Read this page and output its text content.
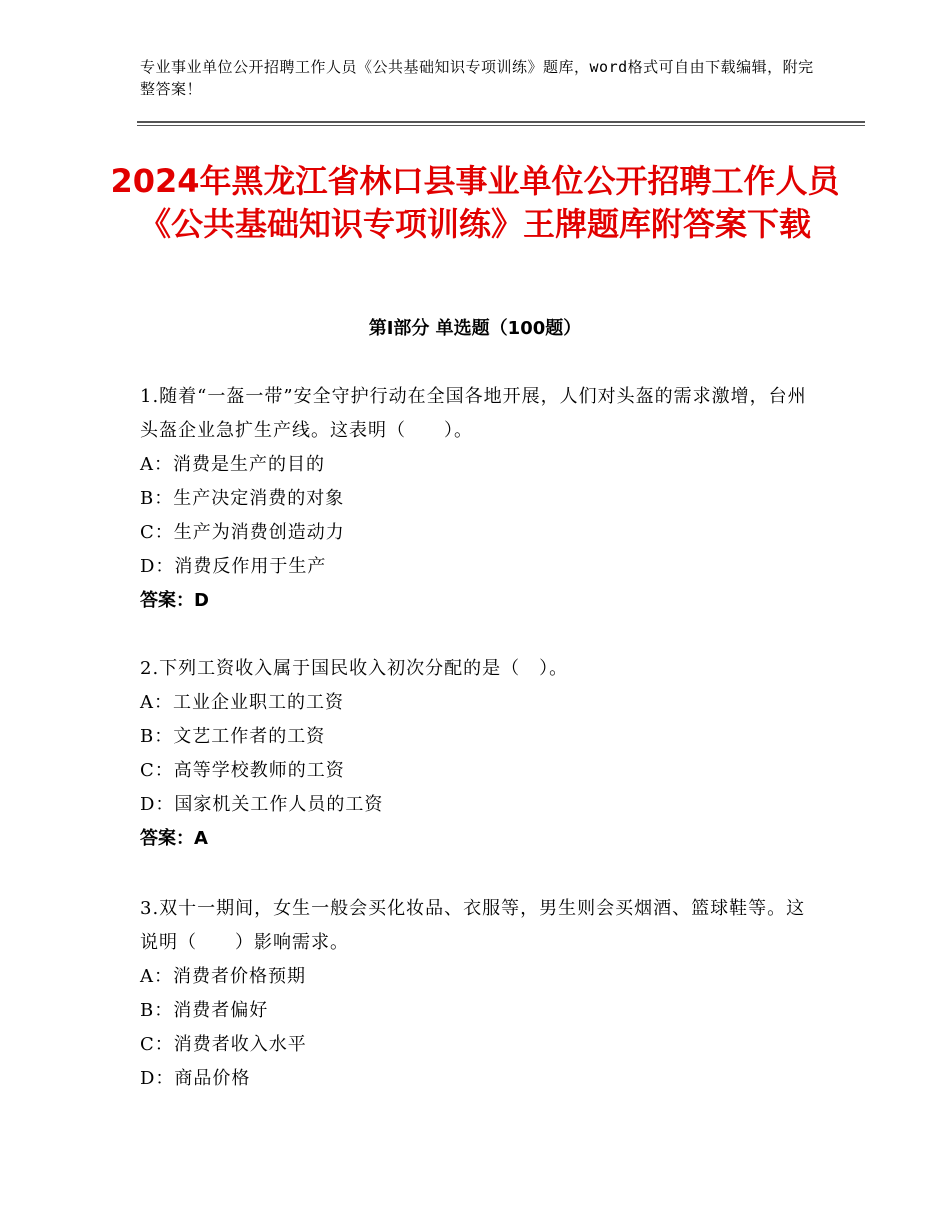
专业事业单位公开招聘工作人员《公共基础知识专项训练》题库，word格式可自由下载编辑，附完整答案！
2024年黑龙江省林口县事业单位公开招聘工作人员《公共基础知识专项训练》王牌题库附答案下载
第Ⅰ部分 单选题（100题）

1.随着“一盔一带”安全守护行动在全国各地开展，人们对头盔的需求激增，台州头盔企业急扩生产线。这表明（　　）。

A：消费是生产的目的

B：生产决定消费的对象

C：生产为消费创造动力

D：消费反作用于生产

答案：D

2.下列工资收入属于国民收入初次分配的是（　）。

A：工业企业职工的工资

B：文艺工作者的工资

C：高等学校教师的工资

D：国家机关工作人员的工资

答案：A

3.双十一期间，女生一般会买化妆品、衣服等，男生则会买烟酒、篮球鞋等。这说明（　　）影响需求。

A：消费者价格预期

B：消费者偏好

C：消费者收入水平

D：商品价格
